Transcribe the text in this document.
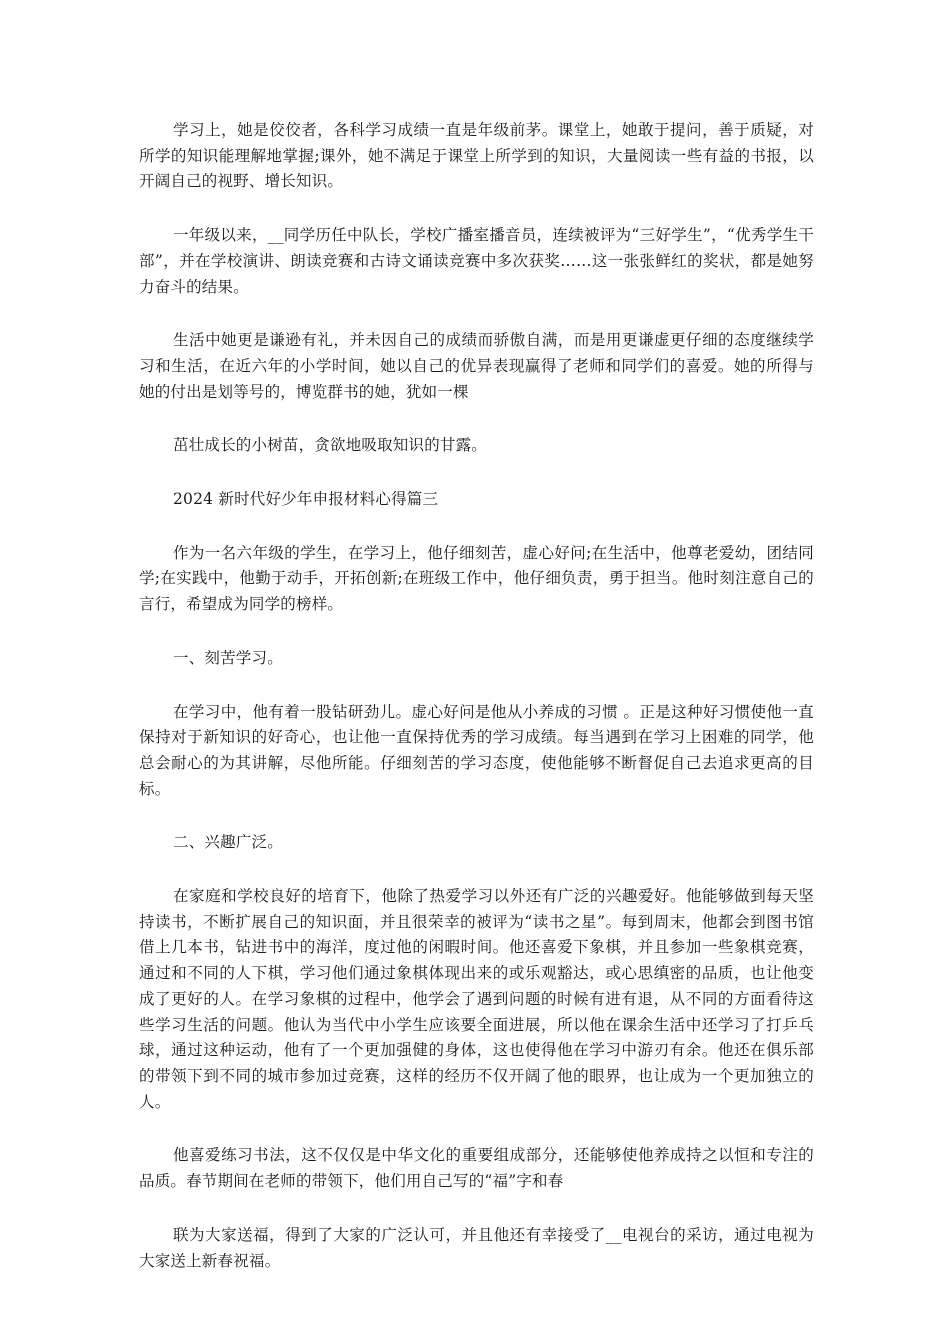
学习上，她是佼佼者，各科学习成绩一直是年级前茅。课堂上，她敢于提问，善于质疑，对所学的知识能理解地掌握;课外，她不满足于课堂上所学到的知识，大量阅读一些有益的书报，以开阔自己的视野、增长知识。

一年级以来，__同学历任中队长，学校广播室播音员，连续被评为“三好学生”，“优秀学生干部”，并在学校演讲、朗读竞赛和古诗文诵读竞赛中多次获奖……这一张张鲜红的奖状，都是她努力奋斗的结果。

生活中她更是谦逊有礼，并未因自己的成绩而骄傲自满，而是用更谦虚更仔细的态度继续学习和生活，在近六年的小学时间，她以自己的优异表现赢得了老师和同学们的喜爱。她的所得与她的付出是划等号的，博览群书的她，犹如一棵

茁壮成长的小树苗，贪欲地吸取知识的甘露。

2024 新时代好少年申报材料心得篇三

作为一名六年级的学生，在学习上，他仔细刻苦，虚心好问;在生活中，他尊老爱幼，团结同学;在实践中，他勤于动手，开拓创新;在班级工作中，他仔细负责，勇于担当。他时刻注意自己的言行，希望成为同学的榜样。

一、刻苦学习。

在学习中，他有着一股钻研劲儿。虚心好问是他从小养成的习惯 。正是这种好习惯使他一直保持对于新知识的好奇心，也让他一直保持优秀的学习成绩。每当遇到在学习上困难的同学，他总会耐心的为其讲解，尽他所能。仔细刻苦的学习态度，使他能够不断督促自己去追求更高的目标。

二、兴趣广泛。

在家庭和学校良好的培育下，他除了热爱学习以外还有广泛的兴趣爱好。他能够做到每天坚持读书，不断扩展自己的知识面，并且很荣幸的被评为“读书之星”。每到周末，他都会到图书馆借上几本书，钻进书中的海洋，度过他的闲暇时间。他还喜爱下象棋，并且参加一些象棋竞赛，通过和不同的人下棋，学习他们通过象棋体现出来的或乐观豁达，或心思缜密的品质，也让他变成了更好的人。在学习象棋的过程中，他学会了遇到问题的时候有进有退，从不同的方面看待这些学习生活的问题。他认为当代中小学生应该要全面进展，所以他在课余生活中还学习了打乒乓球，通过这种运动，他有了一个更加强健的身体，这也使得他在学习中游刃有余。他还在俱乐部的带领下到不同的城市参加过竞赛，这样的经历不仅开阔了他的眼界，也让成为一个更加独立的人。

他喜爱练习书法，这不仅仅是中华文化的重要组成部分，还能够使他养成持之以恒和专注的品质。春节期间在老师的带领下，他们用自己写的“福”字和春

联为大家送福，得到了大家的广泛认可，并且他还有幸接受了__电视台的采访，通过电视为大家送上新春祝福。
